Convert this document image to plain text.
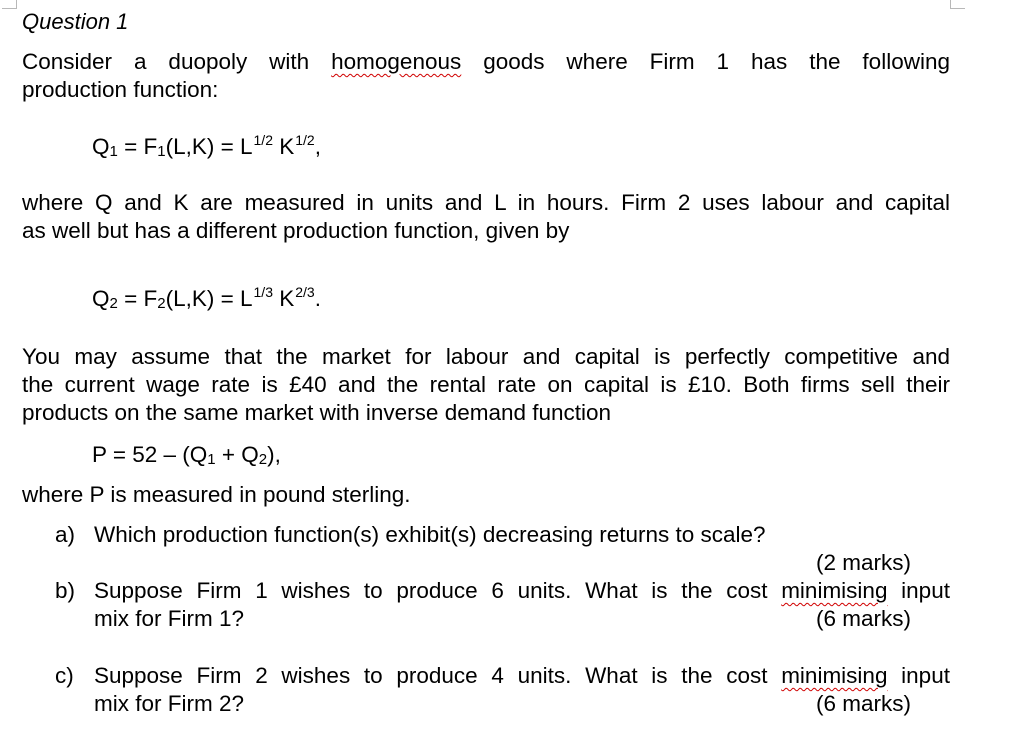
Question 1
Consider a duopoly with homogenous goods where Firm 1 has the following
production function:
$Q_1 = F_1(L,K) = L^{1/2}$ $K^{1/2}$,
where Q and K are measured in units and L in hours. Firm 2 uses labour and capital
as well but has a different production function, given by
$Q_2 = F_2(L,K) = L^{1/3}$ $K^{2/3}$.
You may assume that the market for labour and capital is perfectly competitive and
the current wage rate is £40 and the rental rate on capital is £10. Both firms sell their
products on the same market with inverse demand function
$P = 52 - (Q_1 + Q_2)$,
where P is measured in pound sterling.
a) Which production function(s) exhibit(s) decreasing returns to scale?
(2 marks)
b) Suppose Firm 1 wishes to produce 6 units. What is the cost minimising input
mix for Firm 1?	(6 marks)
c) Suppose Firm 2 wishes to produce 4 units. What is the cost minimising input
mix for Firm 2?	(6 marks)
